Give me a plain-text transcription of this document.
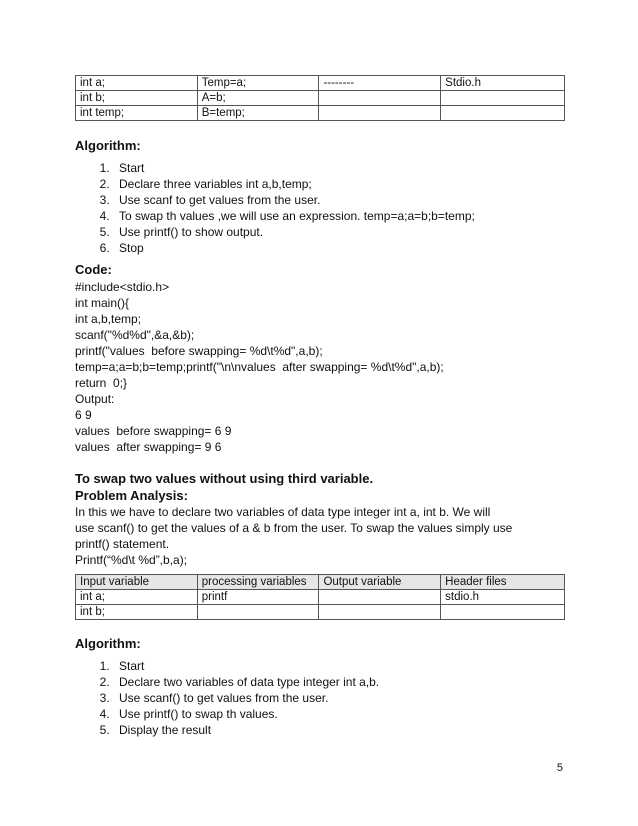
int a;	Temp=a;	--------	Stdio.h
int b;	A=b;		
int temp;	B=temp;		
Algorithm:
1. Start
2. Declare three variables int a,b,temp;
3. Use scanf to get values from the user.
4. To swap th values ,we will use an expression. temp=a;a=b;b=temp;
5. Use printf() to show output.
6. Stop
Code:
#include<stdio.h>
int main(){
int a,b,temp;
scanf("%d%d",&a,&b);
printf("values  before swapping= %d\t%d",a,b);
temp=a;a=b;b=temp;printf("\n\nvalues  after swapping= %d\t%d",a,b);
return  0;}
Output:
6 9
values  before swapping= 6 9
values  after swapping= 9 6
To swap two values without using third variable.
Problem Analysis:
In this we have to declare two variables of data type integer int a, int b. We will
use scanf() to get the values of a & b from the user. To swap the values simply use
printf() statement.
Printf(“%d\t %d”,b,a);
Input variable	processing variables	Output variable	Header files
int a;	printf		stdio.h
int b;			
Algorithm:
1. Start
2. Declare two variables of data type integer int a,b.
3. Use scanf() to get values from the user.
4. Use printf() to swap th values.
5. Display the result
5
